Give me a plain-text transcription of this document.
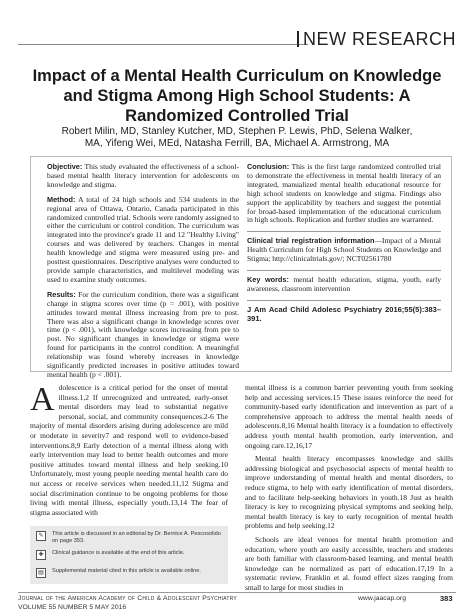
NEW RESEARCH
Impact of a Mental Health Curriculum on Knowledge and Stigma Among High School Students: A Randomized Controlled Trial
Robert Milin, MD, Stanley Kutcher, MD, Stephen P. Lewis, PhD, Selena Walker, MA, Yifeng Wei, MEd, Natasha Ferrill, BA, Michael A. Armstrong, MA

Objective: This study evaluated the effectiveness of a school-based mental health literacy intervention for adolescents on knowledge and stigma.

Method: A total of 24 high schools and 534 students in the regional area of Ottawa, Ontario, Canada participated in this randomized controlled trial. Schools were randomly assigned to either the curriculum or control condition. The curriculum was integrated into the province's grade 11 and 12 "Healthy Living" courses and was delivered by teachers. Changes in mental health knowledge and stigma were measured using pre- and posttest questionnaires. Descriptive analyses were conducted to provide sample characteristics, and multilevel modeling was used to examine study outcomes.

Results: For the curriculum condition, there was a significant change in stigma scores over time (p = .001), with positive attitudes toward mental illness increasing from pre to post. There was also a significant change in knowledge scores over time (p < .001), with knowledge scores increasing from pre to post. No significant changes in knowledge or stigma were found for participants in the control condition. A meaningful relationship was found whereby increases in knowledge significantly predicted increases in positive attitudes toward mental health (p < .001).

Conclusion: This is the first large randomized controlled trial to demonstrate the effectiveness in mental health literacy of an integrated, manualized mental health educational resource for high school students on knowledge and stigma. Findings also support the applicability by teachers and suggest the potential for broad-based implementation of the educational curriculum in high schools. Replication and further studies are warranted.

Clinical trial registration information—Impact of a Mental Health Curriculum for High School Students on Knowledge and Stigma; http://clinicaltrials.gov/; NCT02561780

Key words: mental health education, stigma, youth, early awareness, classroom intervention

J Am Acad Child Adolesc Psychiatry 2016;55(5):383–391.

Adolescence is a critical period for the onset of mental illness.1,2 If unrecognized and untreated, early-onset mental disorders may lead to substantial negative personal, social, and community consequences.2-6 The majority of mental disorders arising during adolescence are mild or moderate in severity7 and respond well to evidence-based interventions.8,9 Early detection of a mental illness along with early intervention may lead to better health outcomes and more positive attitudes toward mental illness and help seeking.10 Unfortunately, most young people needing mental health care do not access or receive services when needed.11,12 Stigma and social discrimination continue to be ongoing problems for those living with mental illness, especially youth.13,14 The fear of stigma associated with

mental illness is a common barrier preventing youth from seeking help and accessing services.15 These issues reinforce the need for community-based early identification and intervention as part of a comprehensive approach to address the mental health needs of adolescents.8,16 Mental health literacy is a foundation to effectively address youth mental health promotion, early intervention, and ongoing care.12,16,17

Mental health literacy encompasses knowledge and skills addressing biological and psychosocial aspects of mental health to improve understanding of mental health and mental disorders, to reduce stigma, to help with early identification of mental disorders, and to facilitate help-seeking behaviors in youth.18 Just as health literacy is key to recognizing physical symptoms and seeking help, mental health literacy is key to early recognition of mental health problems and help seeking.12

Schools are ideal venues for mental health promotion and education, where youth are easily accessible, teachers and students are both familiar with classroom-based learning, and mental health knowledge can be normalized as part of education.17,19 In a systematic review, Franklin et al. found effect sizes ranging from small to large for most studies in

✎	This article is discussed in an editorial by Dr. Bernice A. Pescosolido on page 353.
✚	Clinical guidance is available at the end of this article.
▤	Supplemental material cited in this article is available online.
Journal of the American Academy of Child & Adolescent Psychiatry
VOLUME 55 NUMBER 5 MAY 2016
www.jaacap.org	383
